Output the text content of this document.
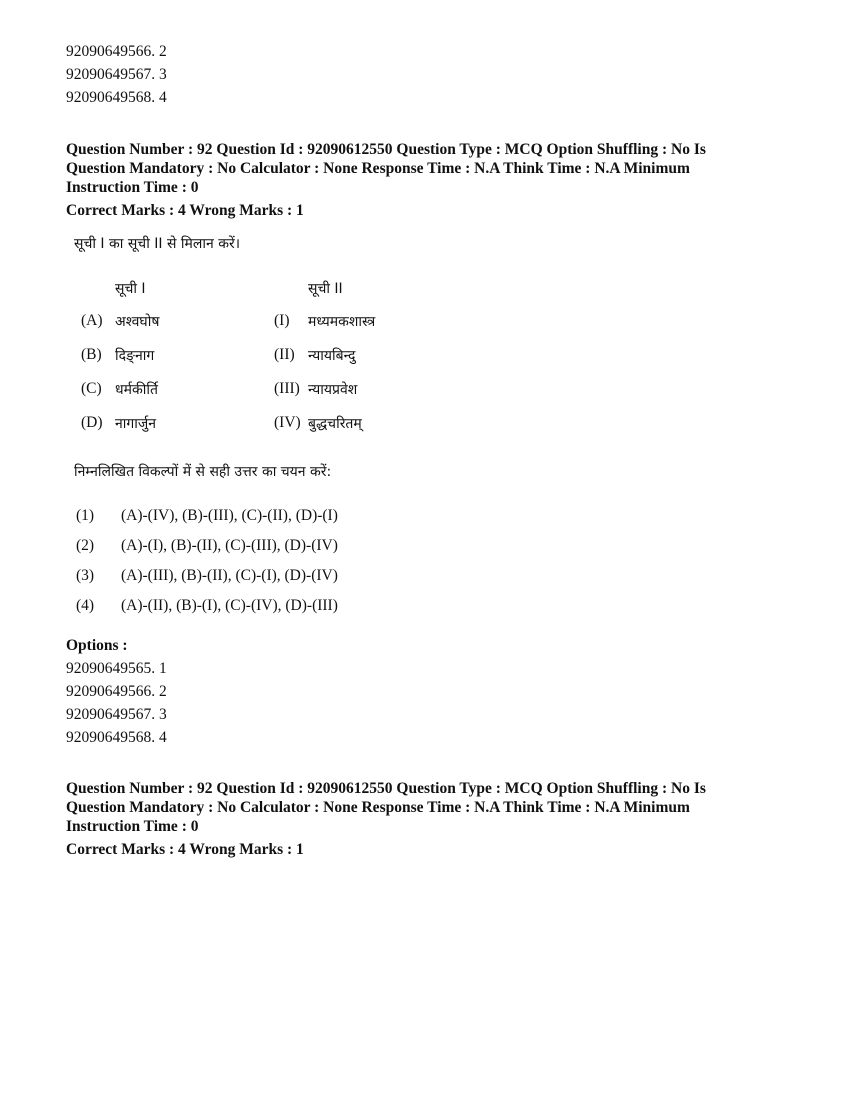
92090649566. 2
92090649567. 3
92090649568. 4
Question Number : 92 Question Id : 92090612550 Question Type : MCQ Option Shuffling : No Is
Question Mandatory : No Calculator : None Response Time : N.A Think Time : N.A Minimum
Instruction Time : 0
Correct Marks : 4 Wrong Marks : 1
सूची I का सूची II से मिलान करें।
सूची I	सूची II
(A) अश्वघोष	(I) मध्यमकशास्त्र
(B) दिङ्नाग	(II) न्यायबिन्दु
(C) धर्मकीर्ति	(III) न्यायप्रवेश
(D) नागार्जुन	(IV) बुद्धचरितम्
निम्नलिखित विकल्पों में से सही उत्तर का चयन करें:
(1) (A)-(IV), (B)-(III), (C)-(II), (D)-(I)
(2) (A)-(I), (B)-(II), (C)-(III), (D)-(IV)
(3) (A)-(III), (B)-(II), (C)-(I), (D)-(IV)
(4) (A)-(II), (B)-(I), (C)-(IV), (D)-(III)
Options :
92090649565. 1
92090649566. 2
92090649567. 3
92090649568. 4
Question Number : 92 Question Id : 92090612550 Question Type : MCQ Option Shuffling : No Is
Question Mandatory : No Calculator : None Response Time : N.A Think Time : N.A Minimum
Instruction Time : 0
Correct Marks : 4 Wrong Marks : 1
